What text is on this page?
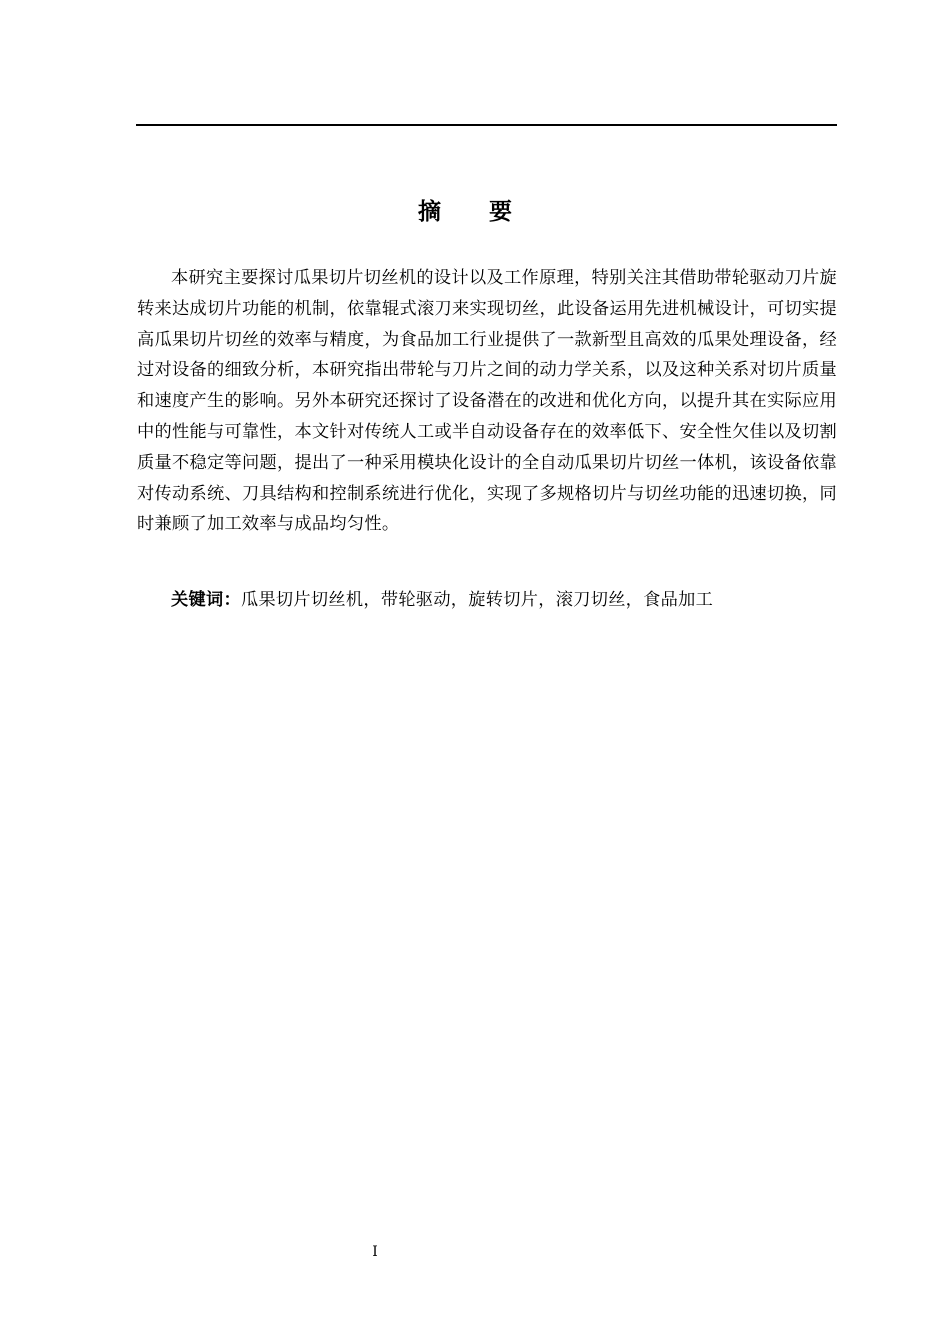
摘 要

本研究主要探讨瓜果切片切丝机的设计以及工作原理，特别关注其借助带轮驱动刀片旋转来达成切片功能的机制，依靠辊式滚刀来实现切丝，此设备运用先进机械设计，可切实提高瓜果切片切丝的效率与精度，为食品加工行业提供了一款新型且高效的瓜果处理设备，经过对设备的细致分析，本研究指出带轮与刀片之间的动力学关系，以及这种关系对切片质量和速度产生的影响。另外本研究还探讨了设备潜在的改进和优化方向，以提升其在实际应用中的性能与可靠性，本文针对传统人工或半自动设备存在的效率低下、安全性欠佳以及切割质量不稳定等问题，提出了一种采用模块化设计的全自动瓜果切片切丝一体机，该设备依靠对传动系统、刀具结构和控制系统进行优化，实现了多规格切片与切丝功能的迅速切换，同时兼顾了加工效率与成品均匀性。

关键词：瓜果切片切丝机，带轮驱动，旋转切片，滚刀切丝，食品加工
I
